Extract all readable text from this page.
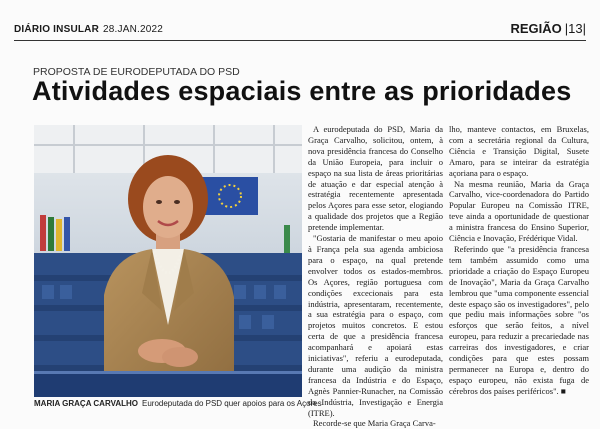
DIÁRIO INSULAR 28.JAN.2022	REGIÃO |13|
PROPOSTA DE EURODEPUTADA DO PSD
Atividades espaciais entre as prioridades
MARIA GRAÇA CARVALHO Eurodeputada do PSD quer apoios para os Açores

A eurodeputada do PSD, Maria da Graça Carvalho, solicitou, ontem, à nova presidência francesa do Conselho da União Europeia, para incluir o espaço na sua lista de áreas prioritárias de atuação e dar especial atenção à estratégia recentemente apresentada pelos Açores para esse setor, elogiando a qualidade dos projetos que a Região pretende implementar.

"Gostaria de manifestar o meu apoio à França pela sua agenda ambiciosa para o espaço, na qual pretende envolver todos os estados-membros. Os Açores, região portuguesa com condições excecionais para esta indústria, apresentaram, recentemente, a sua estratégia para o espaço, com projetos muitos concretos. E estou certa de que a presidência francesa acompanhará e apoiará estas iniciativas", referiu a eurodeputada, durante uma audição da ministra francesa da Indústria e do Espaço, Agnès Pannier-Runacher, na Comissão da Indústria, Investigação e Energia (ITRE).

Recorde-se que Maria Graça Carva-

lho, manteve contactos, em Bruxelas, com a secretária regional da Cultura, Ciência e Transição Digital, Susete Amaro, para se inteirar da estratégia açoriana para o espaço.

Na mesma reunião, Maria da Graça Carvalho, vice-coordenadora do Partido Popular Europeu na Comissão ITRE, teve ainda a oportunidade de questionar a ministra francesa do Ensino Superior, Ciência e Inovação, Frédérique Vidal.

Referindo que "a presidência francesa tem também assumido como uma prioridade a criação do Espaço Europeu de Inovação", Maria da Graça Carvalho lembrou que "uma componente essencial deste espaço são os investigadores", pelo que pediu mais informações sobre "os esforços que serão feitos, a nível europeu, para reduzir a precariedade nas carreiras dos investigadores, e criar condições para que estes possam permanecer na Europa e, dentro do espaço europeu, não exista fuga de cérebros dos países periféricos". ■
